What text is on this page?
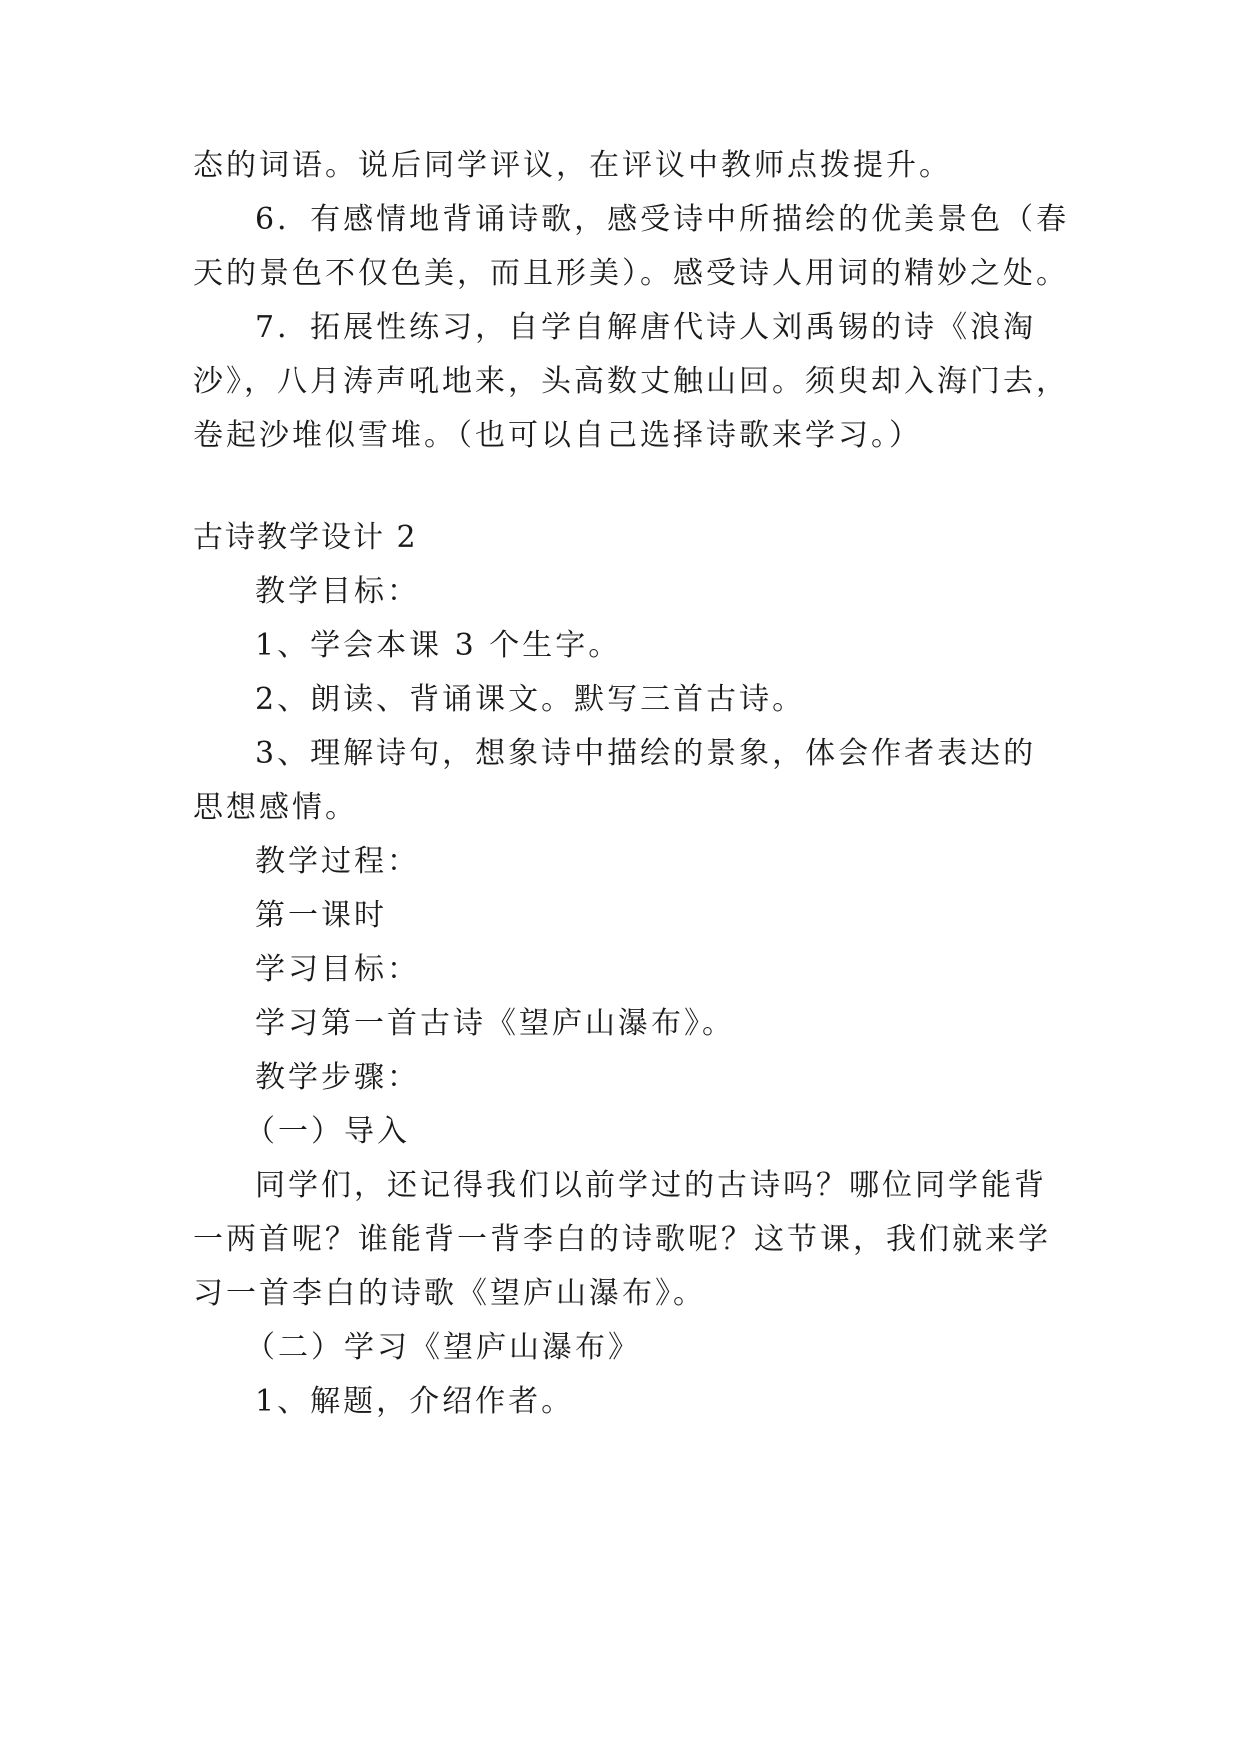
态的词语。说后同学评议，在评议中教师点拨提升。
6．有感情地背诵诗歌，感受诗中所描绘的优美景色（春
天的景色不仅色美，而且形美）。感受诗人用词的精妙之处。
7．拓展性练习，自学自解唐代诗人刘禹锡的诗《浪淘
沙》，八月涛声吼地来，头高数丈触山回。须臾却入海门去，
卷起沙堆似雪堆。（也可以自己选择诗歌来学习。）
古诗教学设计 2
教学目标：
1、学会本课 3 个生字。
2、朗读、背诵课文。默写三首古诗。
3、理解诗句，想象诗中描绘的景象，体会作者表达的
思想感情。
教学过程：
第一课时
学习目标：
学习第一首古诗《望庐山瀑布》。
教学步骤：
（一）导入
同学们，还记得我们以前学过的古诗吗？哪位同学能背
一两首呢？谁能背一背李白的诗歌呢？这节课，我们就来学
习一首李白的诗歌《望庐山瀑布》。
（二）学习《望庐山瀑布》
1、解题，介绍作者。
